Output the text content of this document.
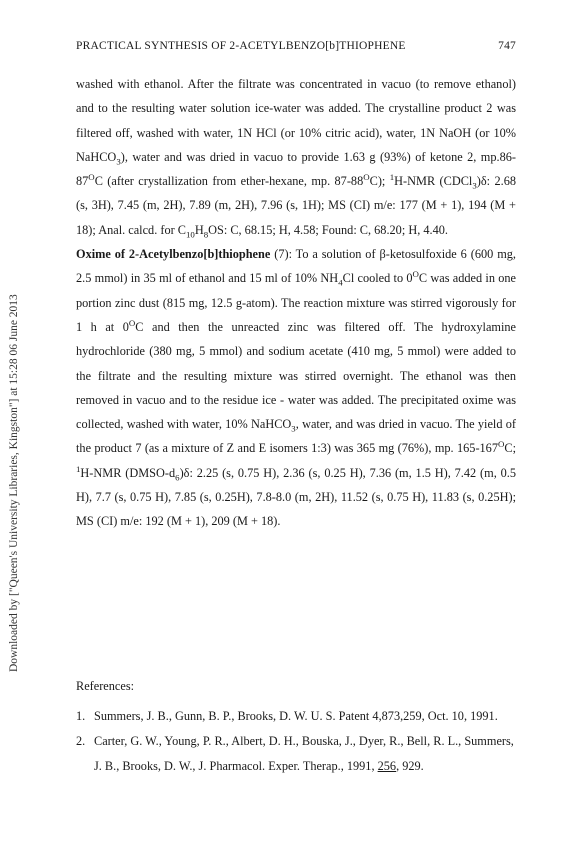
PRACTICAL SYNTHESIS OF 2-ACETYLBENZO[b]THIOPHENE	747
Downloaded by ["Queen's University Libraries, Kingston"] at 15:28 06 June 2013

washed with ethanol. After the filtrate was concentrated in vacuo (to remove ethanol) and to the resulting water solution ice-water was added. The crystalline product 2 was filtered off, washed with water, 1N HCl (or 10% citric acid), water, 1N NaOH (or 10% NaHCO$_3$), water and was dried in vacuo to provide 1.63 g (93%) of ketone 2, $mp.86-87^OC$ (after crystallization from ether-hexane, mp. $87-88^OC$); $^1$H-NMR (CDCl$_3$)δ: 2.68 (s, 3H), 7.45 (m, 2H), 7.89 (m, 2H), 7.96 (s, 1H); MS (CI) m/e: 177 (M + 1), 194 (M + 18); Anal. calcd. for $C_{10}H_8OS$: C, 68.15; H, 4.58; Found: C, 68.20; H, 4.40.

Oxime of 2-Acetylbenzo[b]thiophene (7): To a solution of β-ketosulfoxide 6 (600 mg, 2.5 mmol) in 35 ml of ethanol and 15 ml of 10% $NH_4Cl$ cooled to $0^OC$ was added in one portion zinc dust (815 mg, 12.5 g-atom). The reaction mixture was stirred vigorously for 1 h at $0^OC$ and then the unreacted zinc was filtered off. The hydroxylamine hydrochloride (380 mg, 5 mmol) and sodium acetate (410 mg, 5 mmol) were added to the filtrate and the resulting mixture was stirred overnight. The ethanol was then removed in vacuo and to the residue ice - water was added. The precipitated oxime was collected, washed with water, 10% NaHCO$_3$, water, and was dried in vacuo. The yield of the product 7 (as a mixture of Z and E isomers 1:3) was 365 mg (76%), mp. $165-167^OC$; $^1$H-NMR $(DMSO-d_6)\delta$: 2.25 (s, 0.75 H), 2.36 (s, 0.25 H), 7.36 (m, 1.5 H), 7.42 (m, 0.5 H), 7.7 (s, 0.75 H), 7.85 (s, 0.25H), 7.8-8.0 (m, 2H), 11.52 (s, 0.75 H), 11.83 (s, 0.25H); MS (CI) m/e: 192 (M + 1), 209 (M + 18).

References:
1. Summers, J. B., Gunn, B. P., Brooks, D. W. U. S. Patent 4,873,259, Oct. 10, 1991.
2. Carter, G. W., Young, P. R., Albert, D. H., Bouska, J., Dyer, R., Bell, R. L., Summers, J. B., Brooks, D. W., J. Pharmacol. Exper. Therap., 1991, 256, 929.
